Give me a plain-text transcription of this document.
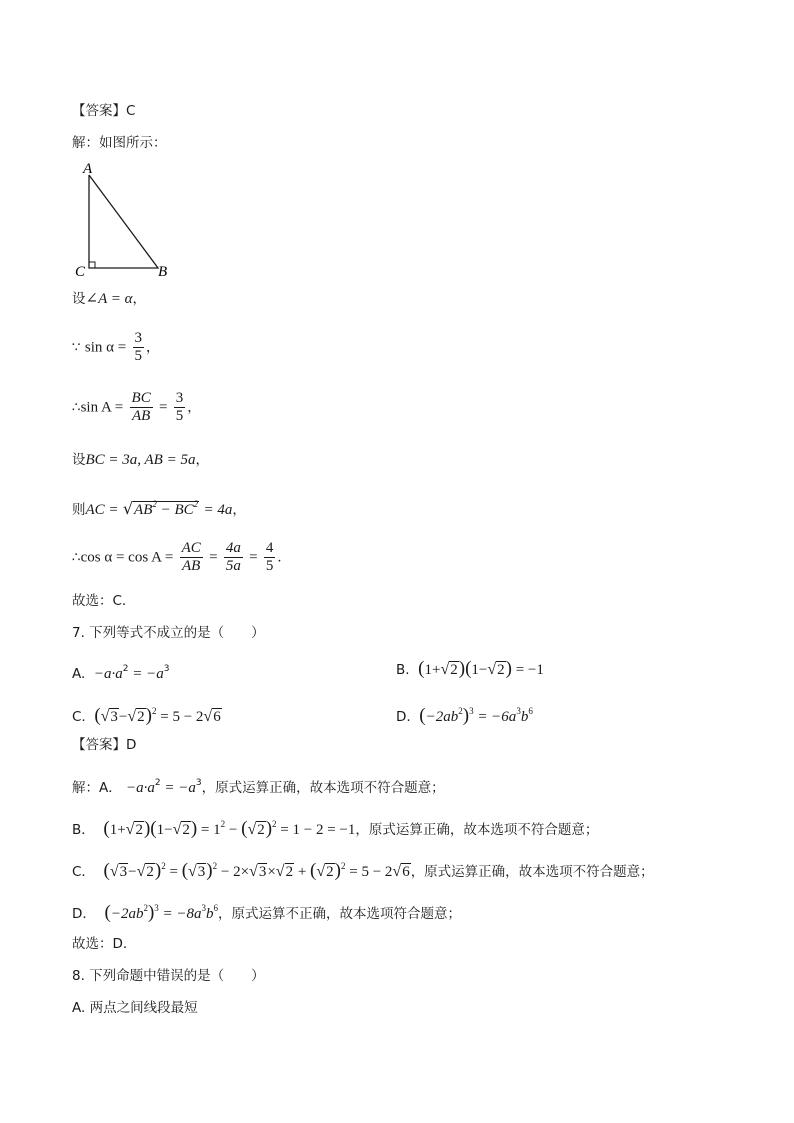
【答案】C
解：如图所示：
A
C	B
设∠A = α，
∵ $\sin \alpha = \frac{3}{5}$ ，
∴sin $A = \frac{BC}{AB} = \frac{3}{5}$ ，
设BC = 3a, AB = 5a，
则AC = $√AB^2 - BC^2 = 4a$，
∴cos $\alpha = \cos A = \frac{AC}{AB} = \frac{4a}{5a} = \frac{4}{5}$ ．
故选：C．
7. 下列等式不成立的是（　　）
A. $-a\cdot a^2 = -a^3$	B. (1+√2)(1−√2) = −1
C. $(√3-√2)^2 = 5 - 2√6$	D. $(-2ab^2)^3 = -6a^3b^6$
【答案】D
解：A． $-a\cdot a^2 = -a^3$，原式运算正确，故本选项不符合题意；
B． $(1+√2)(1-√2) = 1^2 - (√2)^2 = 1 - 2 = -1$，原式运算正确，故本选项不符合题意；
C． $(√3-√2)^2 = (√3)^2 - 2\times√3\times√2 + (√2)^2 = 5 - 2√6$，原式运算正确，故本选项不符合题意；
D． $(-2ab^2)^3 = -8a^3b^6$，原式运算不正确，故本选项符合题意；
故选：D．
8. 下列命题中错误的是（　　）
A. 两点之间线段最短
